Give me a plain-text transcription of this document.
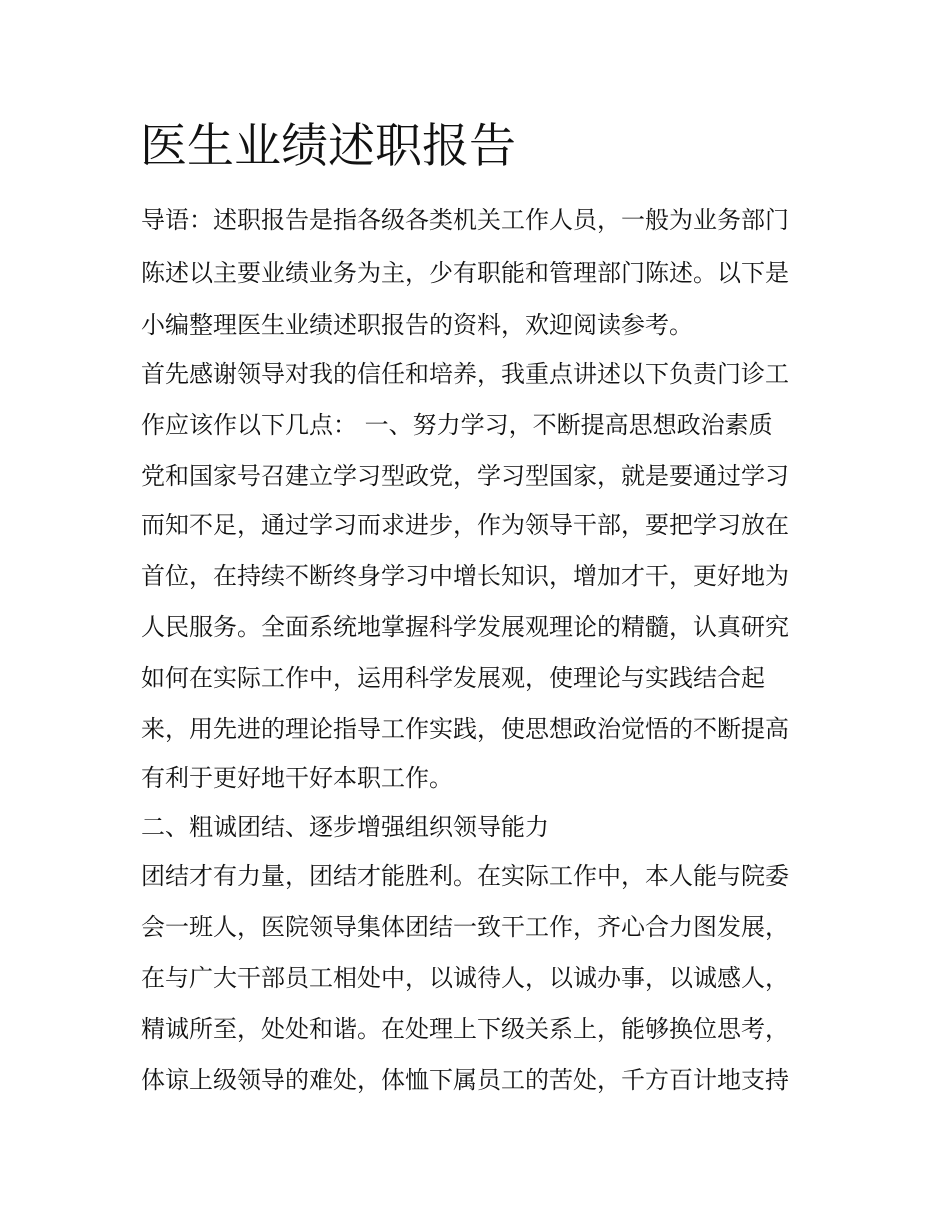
医生业绩述职报告

导语：述职报告是指各级各类机关工作人员，一般为业务部门

陈述以主要业绩业务为主，少有职能和管理部门陈述。以下是

小编整理医生业绩述职报告的资料，欢迎阅读参考。

首先感谢领导对我的信任和培养，我重点讲述以下负责门诊工

作应该作以下几点： 一、努力学习，不断提高思想政治素质

党和国家号召建立学习型政党，学习型国家，就是要通过学习

而知不足，通过学习而求进步，作为领导干部，要把学习放在

首位，在持续不断终身学习中增长知识，增加才干，更好地为

人民服务。全面系统地掌握科学发展观理论的精髓，认真研究

如何在实际工作中，运用科学发展观，使理论与实践结合起

来，用先进的理论指导工作实践，使思想政治觉悟的不断提高

有利于更好地干好本职工作。

二、粗诚团结、逐步增强组织领导能力

团结才有力量，团结才能胜利。在实际工作中，本人能与院委

会一班人，医院领导集体团结一致干工作，齐心合力图发展，

在与广大干部员工相处中，以诚待人，以诚办事，以诚感人，

精诚所至，处处和谐。在处理上下级关系上，能够换位思考，

体谅上级领导的难处，体恤下属员工的苦处，千方百计地支持
